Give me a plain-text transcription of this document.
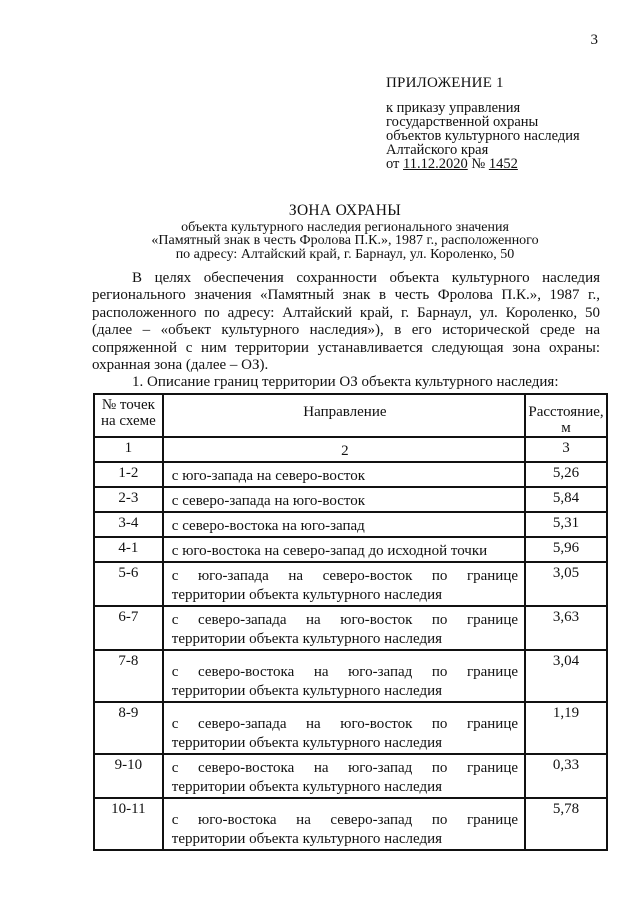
3
ПРИЛОЖЕНИЕ 1
к приказу управления
государственной охраны
объектов культурного наследия
Алтайского края
от 11.12.2020 № 1452
ЗОНА ОХРАНЫ
объекта культурного наследия регионального значения
«Памятный знак в честь Фролова П.К.», 1987 г., расположенного
по адресу: Алтайский край, г. Барнаул, ул. Короленко, 50

В целях обеспечения сохранности объекта культурного наследия регионального значения «Памятный знак в честь Фролова П.К.», 1987 г., расположенного по адресу: Алтайский край, г. Барнаул, ул. Короленко, 50 (далее – «объект культурного наследия»), в его исторической среде на сопряженной с ним территории устанавливается следующая зона охраны: охранная зона (далее – ОЗ).

1. Описание границ территории ОЗ объекта культурного наследия:

№ точек на схеме	Направление	Расстояние, м
1	2	3
1-2	с юго-запада на северо-восток	5,26
2-3	с северо-запада на юго-восток	5,84
3-4	с северо-востока на юго-запад	5,31
4-1	с юго-востока на северо-запад до исходной точки	5,96
5-6	с юго-запада на северо-восток по границе
территории объекта культурного наследия	3,05
6-7	с северо-запада на юго-восток по границе
территории объекта культурного наследия	3,63
7-8	с северо-востока на юго-запад по границе
территории объекта культурного наследия	3,04
8-9	с северо-запада на юго-восток по границе
территории объекта культурного наследия	1,19
9-10	с северо-востока на юго-запад по границе
территории объекта культурного наследия	0,33
10-11	с юго-востока на северо-запад по границе
территории объекта культурного наследия	5,78
